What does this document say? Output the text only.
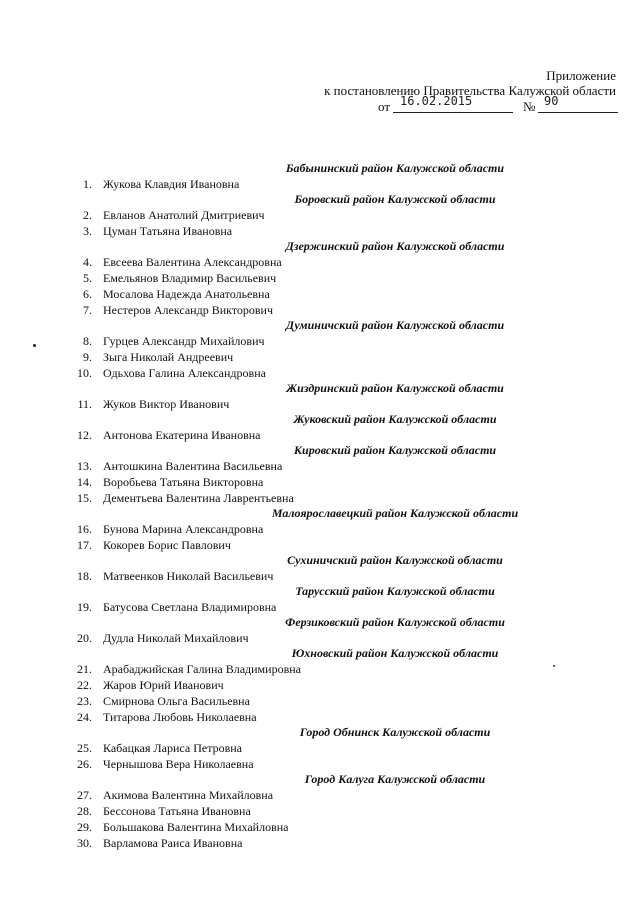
Приложение
к постановлению Правительства Калужской области
от 16.02.2015	№ 90
Бабынинский район Калужской области
1. Жукова Клавдия Ивановна
Боровский район Калужской области
2. Евланов Анатолий Дмитриевич
3. Цуман Татьяна Ивановна
Дзержинский район Калужской области
4. Евсеева Валентина Александровна
5. Емельянов Владимир Васильевич
6. Мосалова Надежда Анатольевна
7. Нестеров Александр Викторович
Думиничский район Калужской области
8. Гурцев Александр Михайлович
9. Зыга Николай Андреевич
10. Одьхова Галина Александровна
Жиздринский район Калужской области
11. Жуков Виктор Иванович
Жуковский район Калужской области
12. Антонова Екатерина Ивановна
Кировский район Калужской области
13. Антошкина Валентина Васильевна
14. Воробьева Татьяна Викторовна
15. Дементьева Валентина Лаврентьевна
Малоярославецкий район Калужской области
16. Бунова Марина Александровна
17. Кокорев Борис Павлович
Сухиничский район Калужской области
18. Матвеенков Николай Васильевич
Тарусский район Калужской области
19. Батусова Светлана Владимировна
Ферзиковский район Калужской области
20. Дудла Николай Михайлович
Юхновский район Калужской области
21. Арабаджийская Галина Владимировна
22. Жаров Юрий Иванович
23. Смирнова Ольга Васильевна
24. Титарова Любовь Николаевна
Город Обнинск Калужской области
25. Кабацкая Лариса Петровна
26. Чернышова Вера Николаевна
Город Калуга Калужской области
27. Акимова Валентина Михайловна
28. Бессонова Татьяна Ивановна
29. Большакова Валентина Михайловна
30. Варламова Раиса Ивановна
